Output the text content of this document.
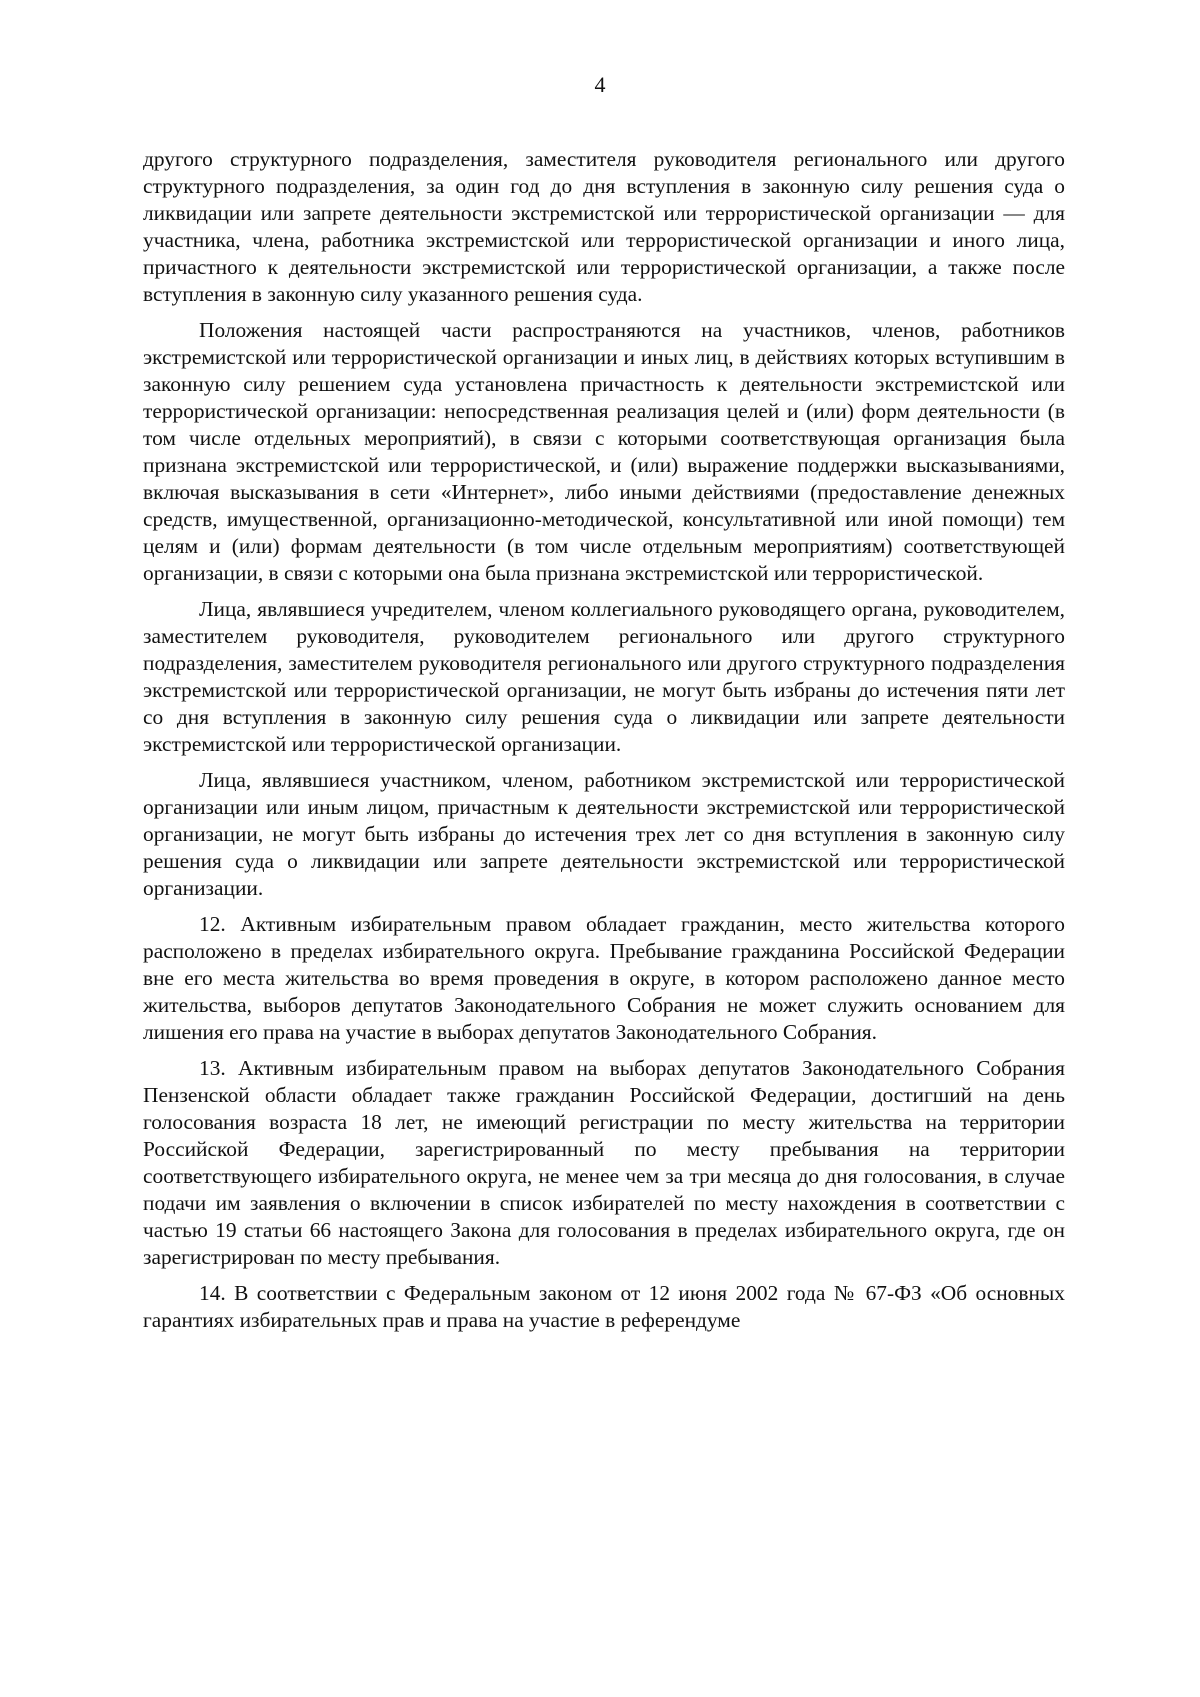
4

другого структурного подразделения, заместителя руководителя регионального или другого структурного подразделения, за один год до дня вступления в законную силу решения суда о ликвидации или запрете деятельности экстремистской или террористической организации — для участника, члена, работника экстремистской или террористической организации и иного лица, причастного к деятельности экстремистской или террористической организации, а также после вступления в законную силу указанного решения суда.

Положения настоящей части распространяются на участников, членов, работников экстремистской или террористической организации и иных лиц, в действиях которых вступившим в законную силу решением суда установлена причастность к деятельности экстремистской или террористической организации: непосредственная реализация целей и (или) форм деятельности (в том числе отдельных мероприятий), в связи с которыми соответствующая организация была признана экстремистской или террористической, и (или) выражение поддержки высказываниями, включая высказывания в сети «Интернет», либо иными действиями (предоставление денежных средств, имущественной, организационно-методической, консультативной или иной помощи) тем целям и (или) формам деятельности (в том числе отдельным мероприятиям) соответствующей организации, в связи с которыми она была признана экстремистской или террористической.

Лица, являвшиеся учредителем, членом коллегиального руководящего органа, руководителем, заместителем руководителя, руководителем регионального или другого структурного подразделения, заместителем руководителя регионального или другого структурного подразделения экстремистской или террористической организации, не могут быть избраны до истечения пяти лет со дня вступления в законную силу решения суда о ликвидации или запрете деятельности экстремистской или террористической организации.

Лица, являвшиеся участником, членом, работником экстремистской или террористической организации или иным лицом, причастным к деятельности экстремистской или террористической организации, не могут быть избраны до истечения трех лет со дня вступления в законную силу решения суда о ликвидации или запрете деятельности экстремистской или террористической организации.

12. Активным избирательным правом обладает гражданин, место жительства которого расположено в пределах избирательного округа. Пребывание гражданина Российской Федерации вне его места жительства во время проведения в округе, в котором расположено данное место жительства, выборов депутатов Законодательного Собрания не может служить основанием для лишения его права на участие в выборах депутатов Законодательного Собрания.

13. Активным избирательным правом на выборах депутатов Законодательного Собрания Пензенской области обладает также гражданин Российской Федерации, достигший на день голосования возраста 18 лет, не имеющий регистрации по месту жительства на территории Российской Федерации, зарегистрированный по месту пребывания на территории соответствующего избирательного округа, не менее чем за три месяца до дня голосования, в случае подачи им заявления о включении в список избирателей по месту нахождения в соответствии с частью 19 статьи 66 настоящего Закона для голосования в пределах избирательного округа, где он зарегистрирован по месту пребывания.

14. В соответствии с Федеральным законом от 12 июня 2002 года № 67-ФЗ «Об основных гарантиях избирательных прав и права на участие в референдуме
